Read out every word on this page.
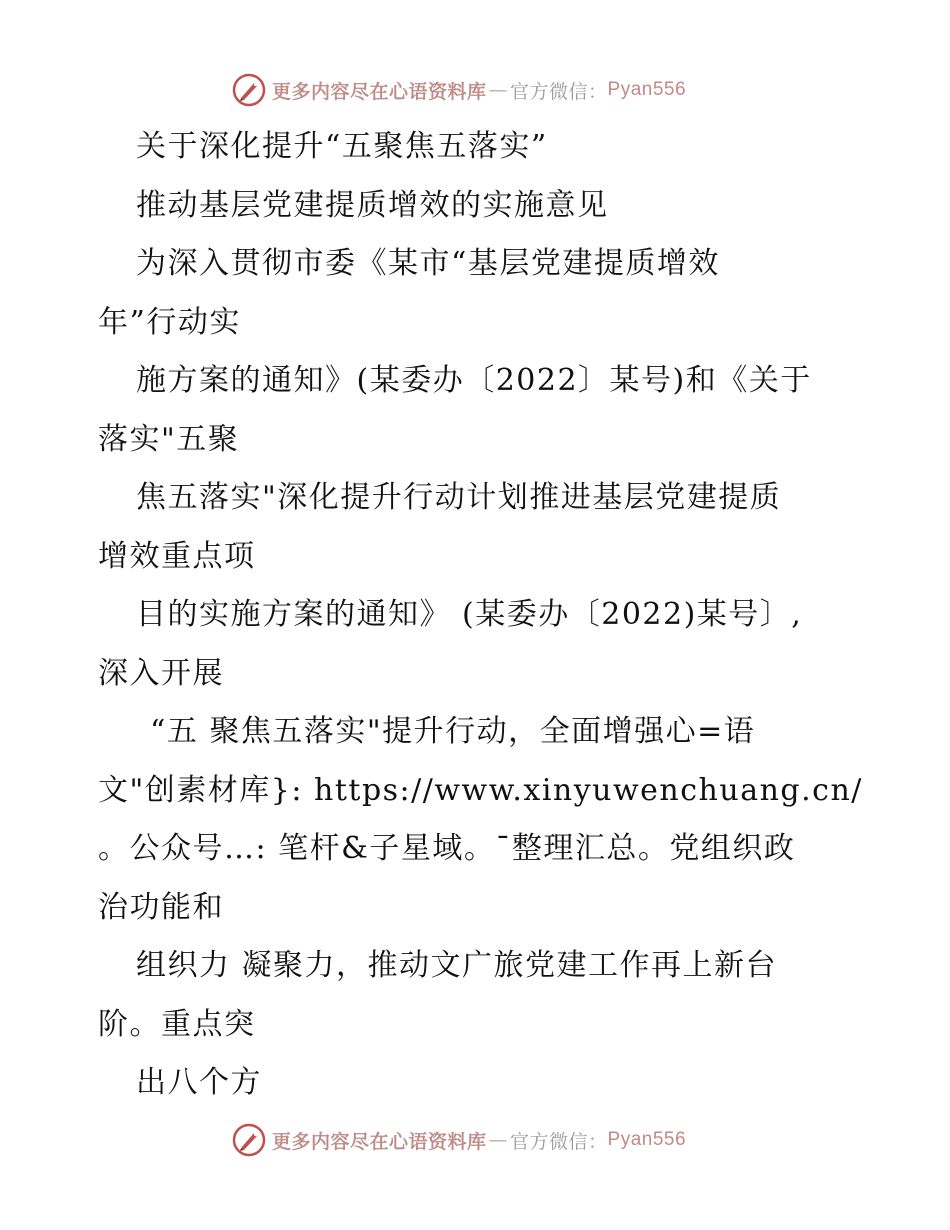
更多内容尽在心语资料库 — 官方微信： Pyan556
关于深化提升“五聚焦五落实”
推动基层党建提质增效的实施意见
为深入贯彻市委《某市“基层党建提质增效
年”行动实
施方案的通知》(某委办〔2022〕某号)和《关于
落实"五聚
焦五落实"深化提升行动计划推进基层党建提质
增效重点项
目的实施方案的通知》 (某委办〔2022)某号〕,
深入开展
“五 聚焦五落实"提升行动，全面增强心=语
文"创素材库}: https://www.xinyuwenchuang.cn/
。公众号…: 笔杆&子星域。¯整理汇总。党组织政
治功能和
组织力 凝聚力，推动文广旅党建工作再上新台
阶。重点突
出八个方
更多内容尽在心语资料库 — 官方微信： Pyan556
